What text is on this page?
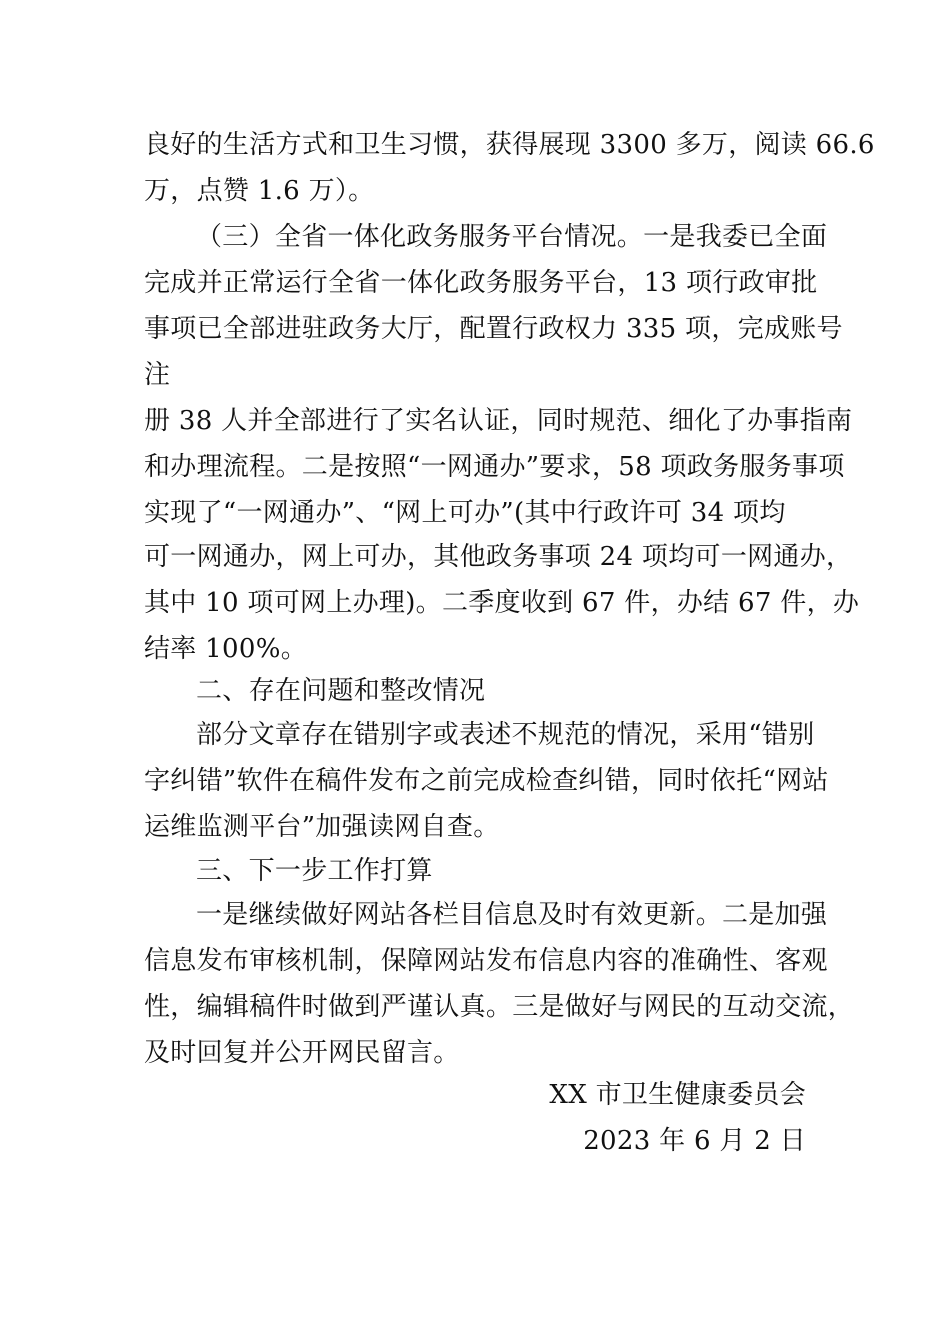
良好的生活方式和卫生习惯，获得展现 3300 多万，阅读 66.6
万，点赞 1.6 万）。
（三）全省一体化政务服务平台情况。一是我委已全面
完成并正常运行全省一体化政务服务平台，13 项行政审批
事项已全部进驻政务大厅，配置行政权力 335 项，完成账号
注
册 38 人并全部进行了实名认证，同时规范、细化了办事指南
和办理流程。二是按照“一网通办”要求，58 项政务服务事项
实现了“一网通办”、“网上可办”(其中行政许可 34 项均
可一网通办，网上可办，其他政务事项 24 项均可一网通办，
其中 10 项可网上办理)。二季度收到 67 件，办结 67 件，办
结率 100%。
二、存在问题和整改情况
部分文章存在错别字或表述不规范的情况，采用“错别
字纠错”软件在稿件发布之前完成检查纠错，同时依托“网站
运维监测平台”加强读网自查。
三、下一步工作打算
一是继续做好网站各栏目信息及时有效更新。二是加强
信息发布审核机制，保障网站发布信息内容的准确性、客观
性，编辑稿件时做到严谨认真。三是做好与网民的互动交流，
及时回复并公开网民留言。
XX 市卫生健康委员会
2023 年 6 月 2 日
